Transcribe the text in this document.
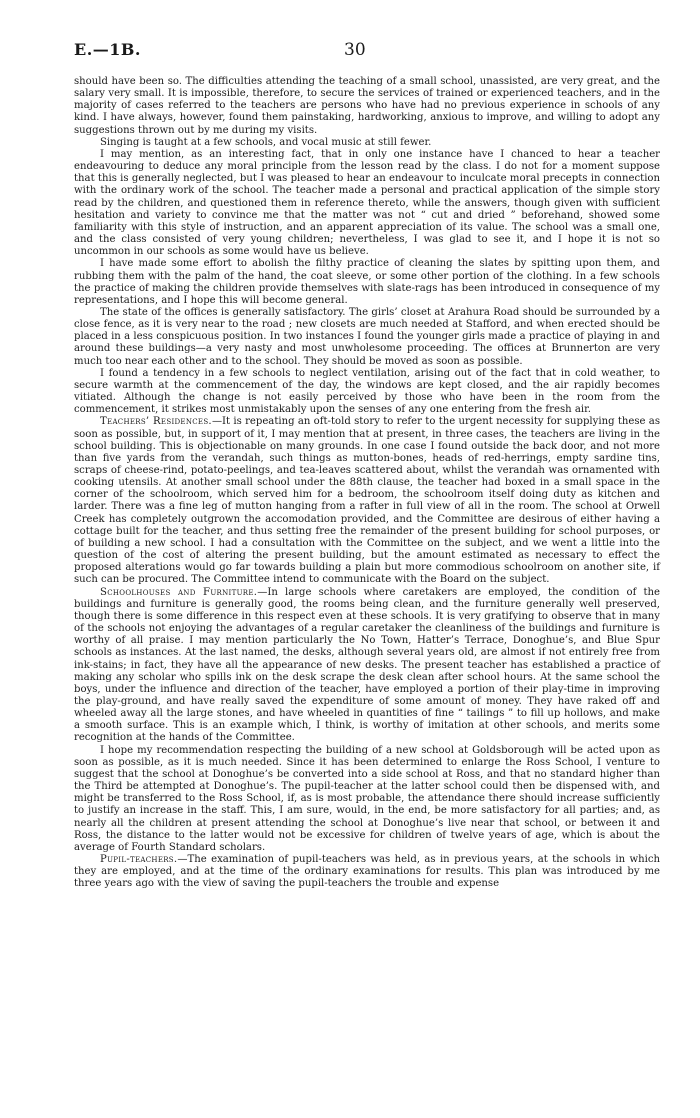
E.—1B.	30

should have been so. The difficulties attending the teaching of a small school, unassisted, are very great, and the salary very small. It is impossible, therefore, to secure the services of trained or experienced teachers, and in the majority of cases referred to the teachers are persons who have had no previous experience in schools of any kind. I have always, however, found them painstaking, hardworking, anxious to improve, and willing to adopt any suggestions thrown out by me during my visits.

Singing is taught at a few schools, and vocal music at still fewer.

I may mention, as an interesting fact, that in only one instance have I chanced to hear a teacher endeavouring to deduce any moral principle from the lesson read by the class. I do not for a moment suppose that this is generally neglected, but I was pleased to hear an endeavour to inculcate moral precepts in connection with the ordinary work of the school. The teacher made a personal and practical application of the simple story read by the children, and questioned them in reference thereto, while the answers, though given with sufficient hesitation and variety to convince me that the matter was not “ cut and dried ” beforehand, showed some familiarity with this style of instruction, and an apparent appreciation of its value. The school was a small one, and the class consisted of very young children; nevertheless, I was glad to see it, and I hope it is not so uncommon in our schools as some would have us believe.

I have made some effort to abolish the filthy practice of cleaning the slates by spitting upon them, and rubbing them with the palm of the hand, the coat sleeve, or some other portion of the clothing. In a few schools the practice of making the children provide themselves with slate-rags has been introduced in consequence of my representations, and I hope this will become general.

The state of the offices is generally satisfactory. The girls’ closet at Arahura Road should be surrounded by a close fence, as it is very near to the road ; new closets are much needed at Stafford, and when erected should be placed in a less conspicuous position. In two instances I found the younger girls made a practice of playing in and around these buildings—a very nasty and most unwholesome proceeding. The offices at Brunnerton are very much too near each other and to the school. They should be moved as soon as possible.

I found a tendency in a few schools to neglect ventilation, arising out of the fact that in cold weather, to secure warmth at the commencement of the day, the windows are kept closed, and the air rapidly becomes vitiated. Although the change is not easily perceived by those who have been in the room from the commencement, it strikes most unmistakably upon the senses of any one entering from the fresh air.

Teachers’ Residences.—It is repeating an oft-told story to refer to the urgent necessity for supplying these as soon as possible, but, in support of it, I may mention that at present, in three cases, the teachers are living in the school building. This is objectionable on many grounds. In one case I found outside the back door, and not more than five yards from the verandah, such things as mutton-bones, heads of red-herrings, empty sardine tins, scraps of cheese-rind, potato-peelings, and tea-leaves scattered about, whilst the verandah was ornamented with cooking utensils. At another small school under the 88th clause, the teacher had boxed in a small space in the corner of the schoolroom, which served him for a bedroom, the schoolroom itself doing duty as kitchen and larder. There was a fine leg of mutton hanging from a rafter in full view of all in the room. The school at Orwell Creek has completely outgrown the accomodation provided, and the Committee are desirous of either having a cottage built for the teacher, and thus setting free the remainder of the present building for school purposes, or of building a new school. I had a consultation with the Committee on the subject, and we went a little into the question of the cost of altering the present building, but the amount estimated as necessary to effect the proposed alterations would go far towards building a plain but more commodious schoolroom on another site, if such can be procured. The Committee intend to communicate with the Board on the subject.

Schoolhouses and Furniture.—In large schools where caretakers are employed, the condition of the buildings and furniture is generally good, the rooms being clean, and the furniture generally well preserved, though there is some difference in this respect even at these schools. It is very gratifying to observe that in many of the schools not enjoying the advantages of a regular caretaker the cleanliness of the buildings and furniture is worthy of all praise. I may mention particularly the No Town, Hatter’s Terrace, Donoghue’s, and Blue Spur schools as instances. At the last named, the desks, although several years old, are almost if not entirely free from ink-stains; in fact, they have all the appearance of new desks. The present teacher has established a practice of making any scholar who spills ink on the desk scrape the desk clean after school hours. At the same school the boys, under the influence and direction of the teacher, have employed a portion of their play-time in improving the play-ground, and have really saved the expenditure of some amount of money. They have raked off and wheeled away all the large stones, and have wheeled in quantities of fine “ tailings ” to fill up hollows, and make a smooth surface. This is an example which, I think, is worthy of imitation at other schools, and merits some recognition at the hands of the Committee.

I hope my recommendation respecting the building of a new school at Goldsborough will be acted upon as soon as possible, as it is much needed. Since it has been determined to enlarge the Ross School, I venture to suggest that the school at Donoghue’s be converted into a side school at Ross, and that no standard higher than the Third be attempted at Donoghue’s. The pupil-teacher at the latter school could then be dispensed with, and might be transferred to the Ross School, if, as is most probable, the attendance there should increase sufficiently to justify an increase in the staff. This, I am sure, would, in the end, be more satisfactory for all parties; and, as nearly all the children at present attending the school at Donoghue’s live near that school, or between it and Ross, the distance to the latter would not be excessive for children of twelve years of age, which is about the average of Fourth Standard scholars.

Pupil-teachers.—The examination of pupil-teachers was held, as in previous years, at the schools in which they are employed, and at the time of the ordinary examinations for results. This plan was introduced by me three years ago with the view of saving the pupil-teachers the trouble and expense
